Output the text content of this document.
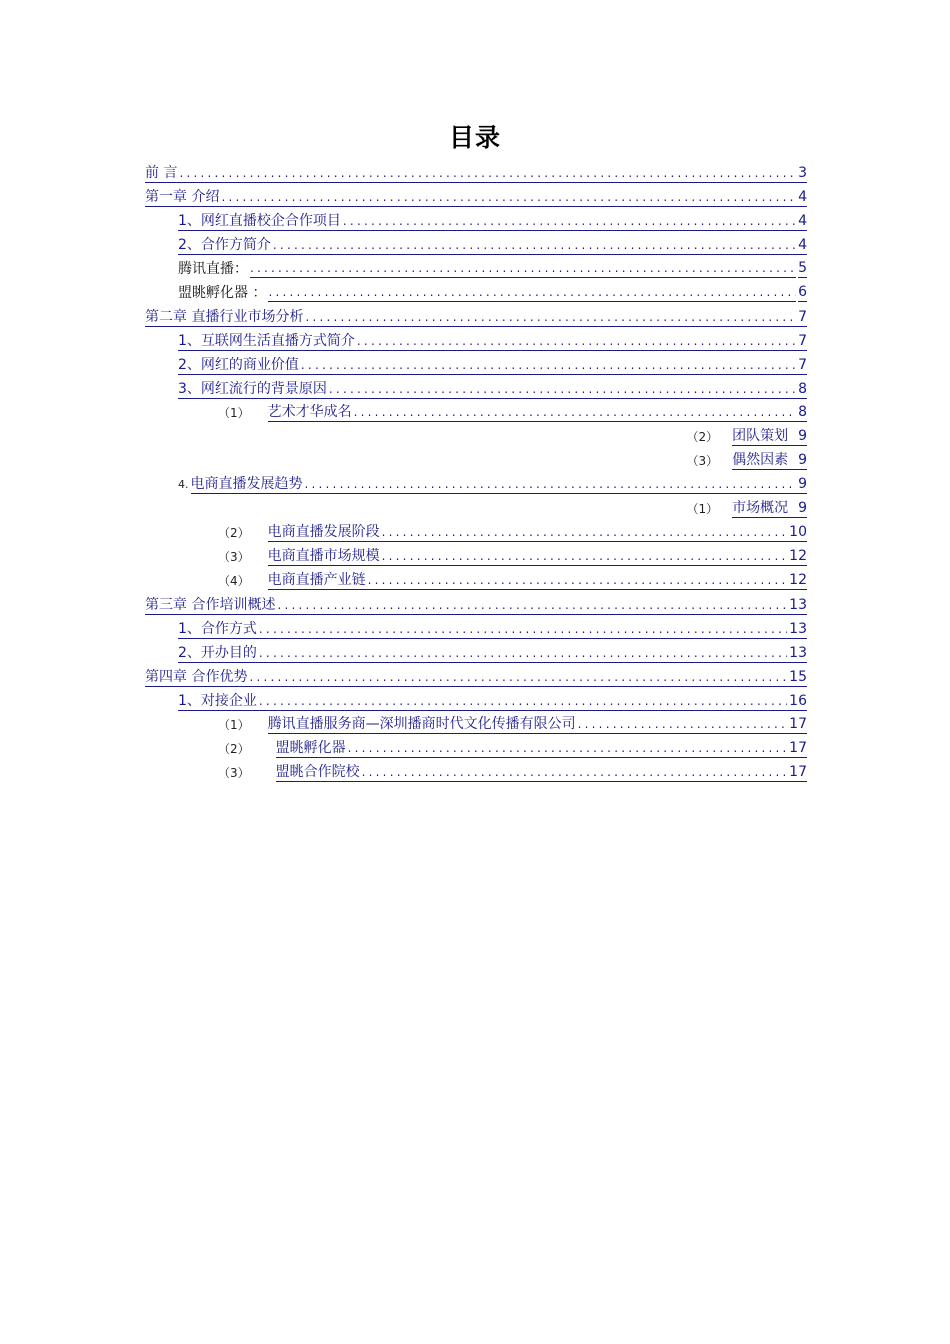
目录
前 言 .....	3
第一章 介绍 .....	4
1、网红直播校企合作项目 .....	4
2、合作方简介 .....	4
腾讯直播： .....	5
盟眺孵化器 ： .....	6
第二章 直播行业市场分析 .....	7
1、互联网生活直播方式简介 .....	7
2、网红的商业价值 .....	7
3、网红流行的背景原因 .....	8
（1） 艺术才华成名 .....	8
（2） 团队策划 9
（3） 偶然因素 9
4. 电商直播发展趋势 .....	9
（1） 市场概况 9
（2） 电商直播发展阶段 .....	10
（3） 电商直播市场规模 .....	12
（4） 电商直播产业链 .....	12
第三章 合作培训概述 .....	13
1、合作方式 .....	13
2、开办目的 .....	13
第四章 合作优势 .....	15
1、对接企业 .....	16
（1） 腾讯直播服务商—深圳播商时代文化传播有限公司 .....	17
（2） 盟眺孵化器 .....	17
（3） 盟眺合作院校 .....	17
